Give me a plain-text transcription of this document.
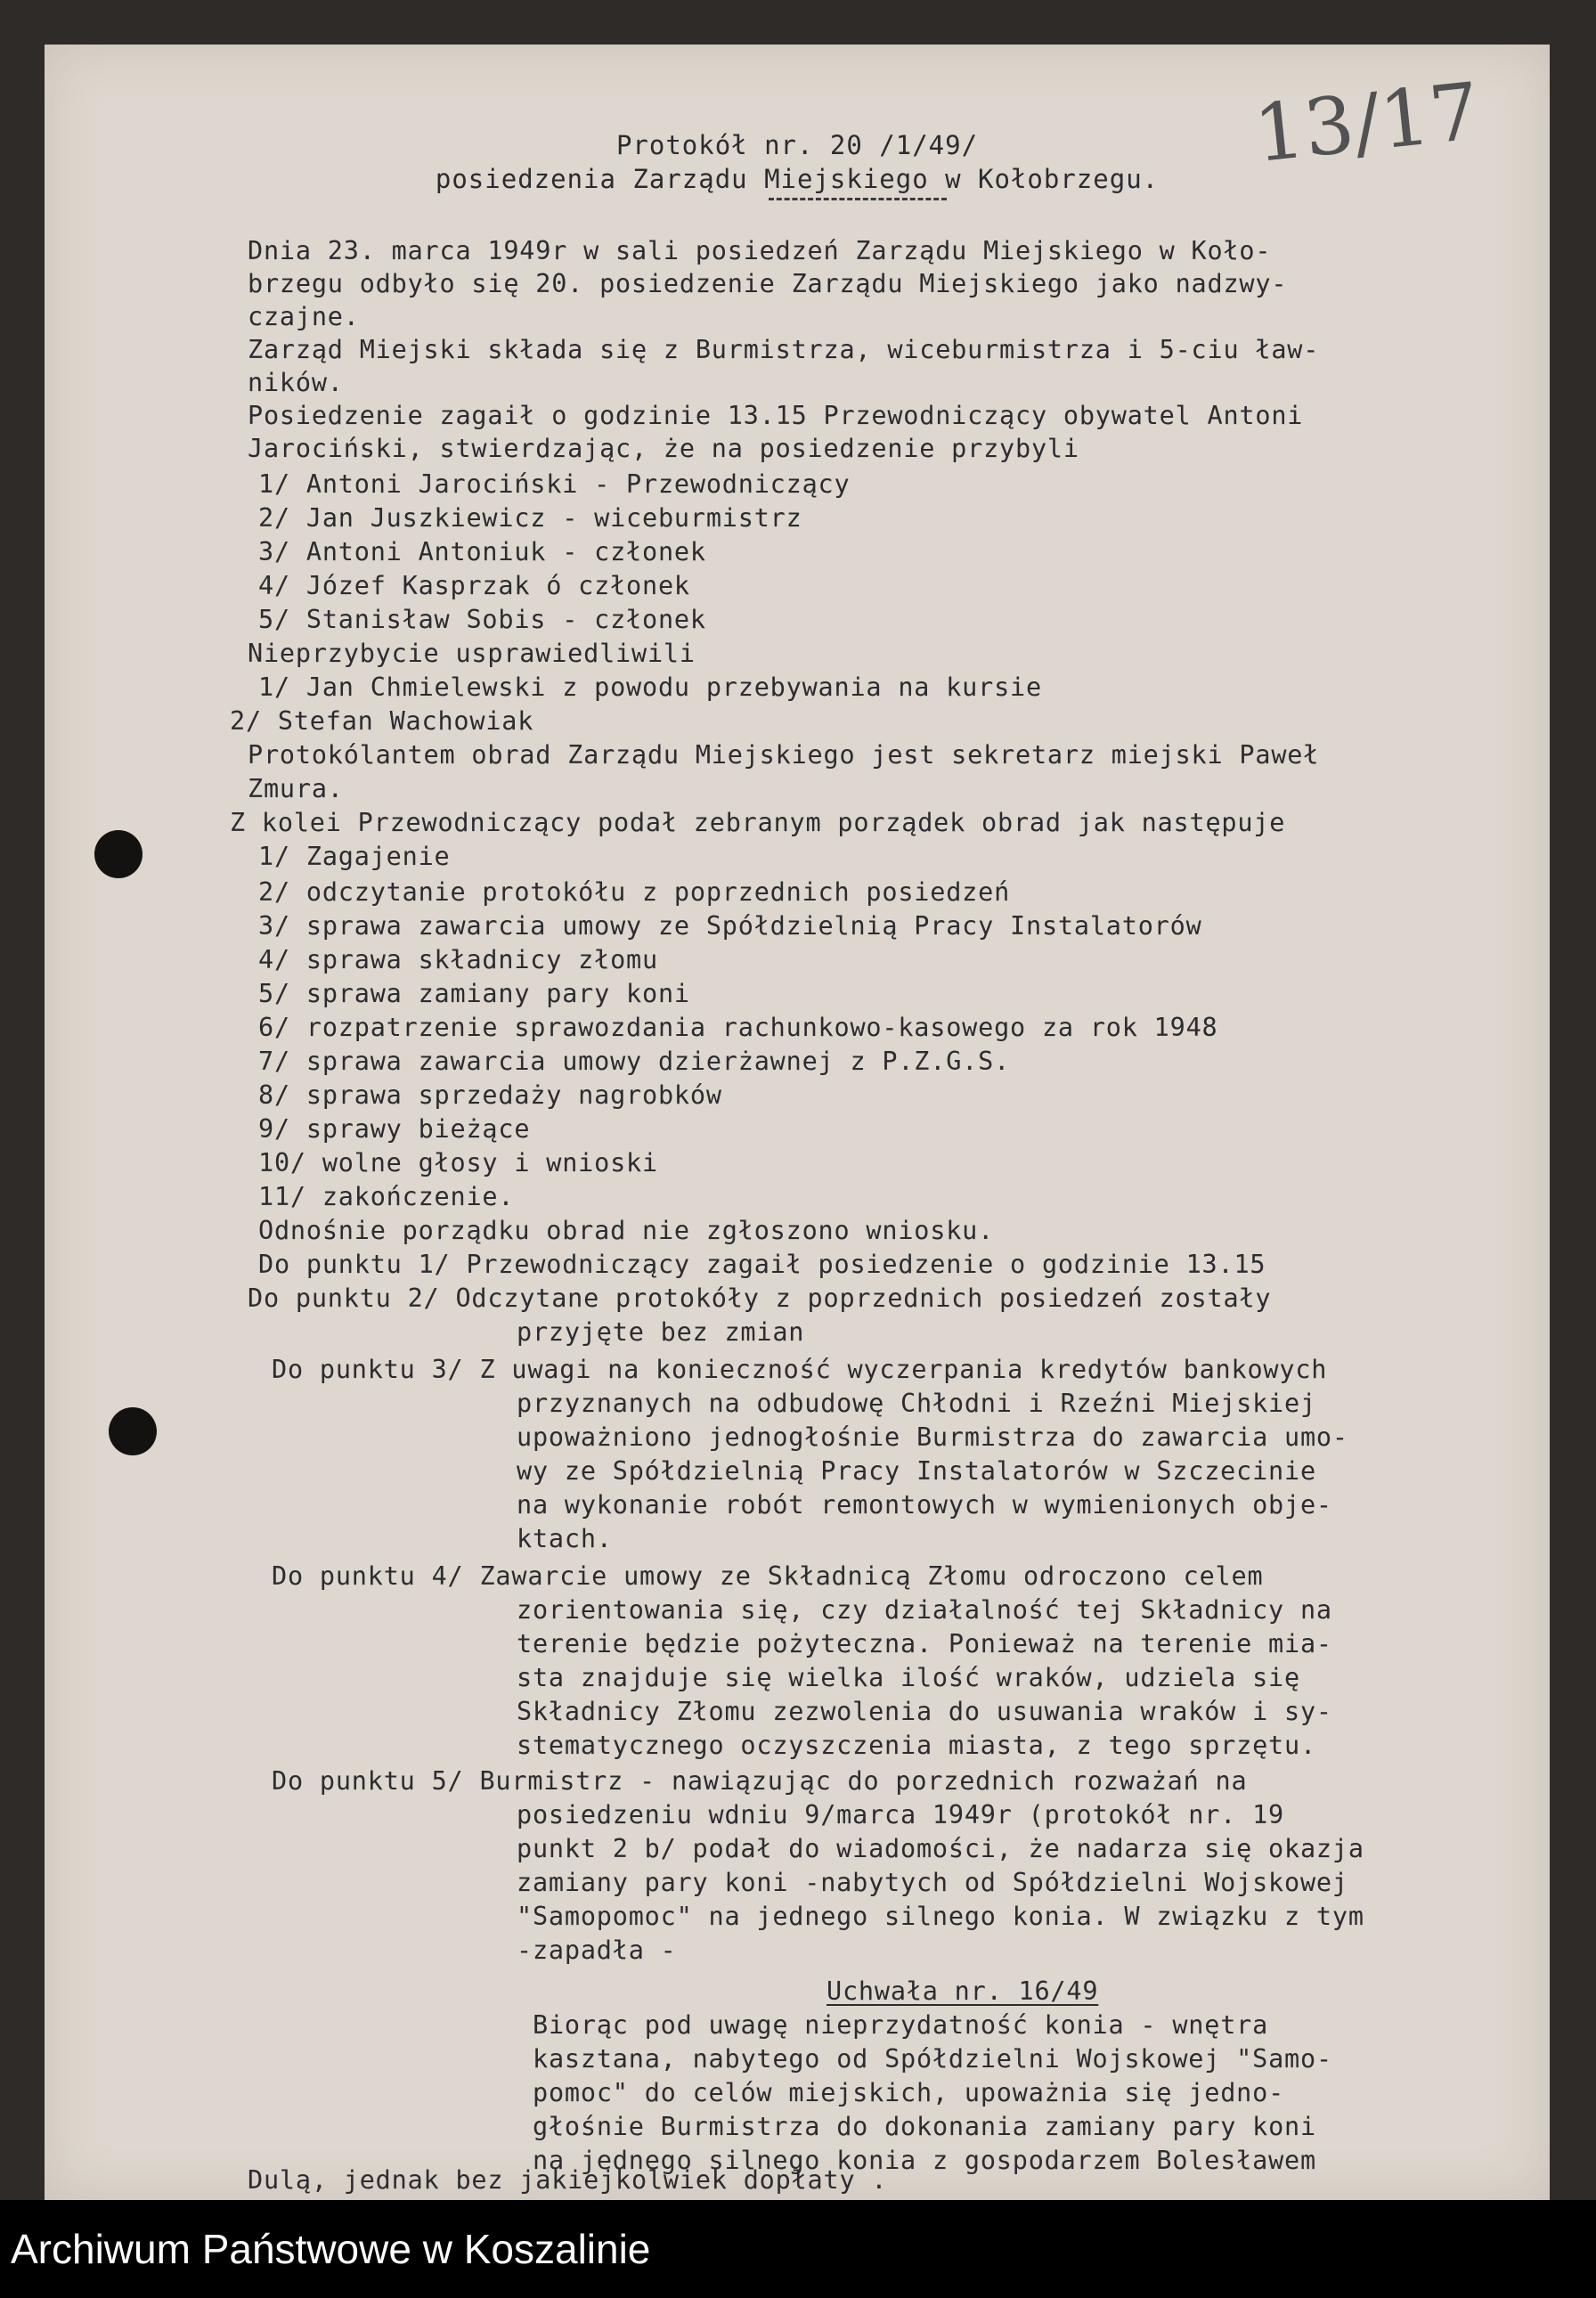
13/17
Protokół nr. 20 /1/49/
posiedzenia Zarządu Miejskiego w Kołobrzegu.
Dnia 23. marca 1949r w sali posiedzeń Zarządu Miejskiego w Koło-
brzegu odbyło się 20. posiedzenie Zarządu Miejskiego jako nadzwy-
czajne.
Zarząd Miejski składa się z Burmistrza, wiceburmistrza i 5-ciu ław-
ników.
Posiedzenie zagaił o godzinie 13.15 Przewodniczący obywatel Antoni
Jarociński, stwierdzając, że na posiedzenie przybyli
1/ Antoni Jarociński - Przewodniczący
2/ Jan Juszkiewicz - wiceburmistrz
3/ Antoni Antoniuk - członek
4/ Józef Kasprzak ó członek
5/ Stanisław Sobis - członek
Nieprzybycie usprawiedliwili
1/ Jan Chmielewski z powodu przebywania na kursie
2/ Stefan Wachowiak
Protokólantem obrad Zarządu Miejskiego jest sekretarz miejski Paweł
Zmura.
Z kolei Przewodniczący podał zebranym porządek obrad jak następuje
1/ Zagajenie
2/ odczytanie protokółu z poprzednich posiedzeń
3/ sprawa zawarcia umowy ze Spółdzielnią Pracy Instalatorów
4/ sprawa składnicy złomu
5/ sprawa zamiany pary koni
6/ rozpatrzenie sprawozdania rachunkowo-kasowego za rok 1948
7/ sprawa zawarcia umowy dzierżawnej z P.Z.G.S.
8/ sprawa sprzedaży nagrobków
9/ sprawy bieżące
10/ wolne głosy i wnioski
11/ zakończenie.
Odnośnie porządku obrad nie zgłoszono wniosku.
Do punktu 1/ Przewodniczący zagaił posiedzenie o godzinie 13.15
Do punktu 2/ Odczytane protokóły z poprzednich posiedzeń zostały
przyjęte bez zmian
Do punktu 3/ Z uwagi na konieczność wyczerpania kredytów bankowych
przyznanych na odbudowę Chłodni i Rzeźni Miejskiej
upoważniono jednogłośnie Burmistrza do zawarcia umo-
wy ze Spółdzielnią Pracy Instalatorów w Szczecinie
na wykonanie robót remontowych w wymienionych obje-
ktach.
Do punktu 4/ Zawarcie umowy ze Składnicą Złomu odroczono celem
zorientowania się, czy działalność tej Składnicy na
terenie będzie pożyteczna. Ponieważ na terenie mia-
sta znajduje się wielka ilość wraków, udziela się
Składnicy Złomu zezwolenia do usuwania wraków i sy-
stematycznego oczyszczenia miasta, z tego sprzętu.
Do punktu 5/ Burmistrz - nawiązując do porzednich rozważań na
posiedzeniu wdniu 9/marca 1949r (protokół nr. 19
punkt 2 b/ podał do wiadomości, że nadarza się okazja
zamiany pary koni -nabytych od Spółdzielni Wojskowej
"Samopomoc" na jednego silnego konia. W związku z tym
-zapadła -
Uchwała nr. 16/49
Biorąc pod uwagę nieprzydatność konia - wnętra
kasztana, nabytego od Spółdzielni Wojskowej "Samo-
pomoc" do celów miejskich, upoważnia się jedno-
głośnie Burmistrza do dokonania zamiany pary koni
na jednego silnego konia z gospodarzem Bolesławem
Dulą, jednak bez jakiejkolwiek dopłaty .
Archiwum Państwowe w Koszalinie
